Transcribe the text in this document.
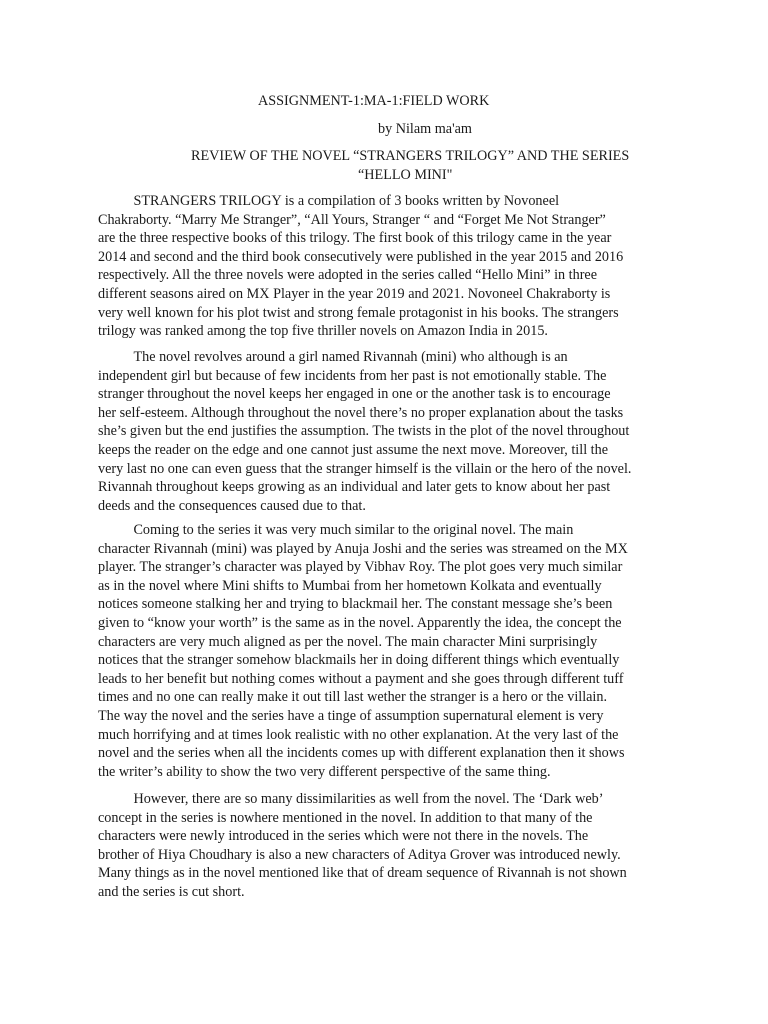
ASSIGNMENT-1:MA-1:FIELD WORK
by Nilam ma'am
REVIEW OF THE NOVEL “STRANGERS TRILOGY” AND THE SERIES
“HELLO MINI"
STRANGERS TRILOGY is a compilation of 3 books written by Novoneel
Chakraborty. “Marry Me Stranger”, “All Yours, Stranger “ and “Forget Me Not Stranger”
are the three respective books of this trilogy. The first book of this trilogy came in the year
2014 and second and the third book consecutively were published in the year 2015 and 2016
respectively. All the three novels were adopted in the series called “Hello Mini” in three
different seasons aired on MX Player in the year 2019 and 2021. Novoneel Chakraborty is
very well known for his plot twist and strong female protagonist in his books. The strangers
trilogy was ranked among the top five thriller novels on Amazon India in 2015.
The novel revolves around a girl named Rivannah (mini) who although is an
independent girl but because of few incidents from her past is not emotionally stable. The
stranger throughout the novel keeps her engaged in one or the another task is to encourage
her self-esteem. Although throughout the novel there’s no proper explanation about the tasks
she’s given but the end justifies the assumption. The twists in the plot of the novel throughout
keeps the reader on the edge and one cannot just assume the next move. Moreover, till the
very last no one can even guess that the stranger himself is the villain or the hero of the novel.
Rivannah throughout keeps growing as an individual and later gets to know about her past
deeds and the consequences caused due to that.
Coming to the series it was very much similar to the original novel. The main
character Rivannah (mini) was played by Anuja Joshi and the series was streamed on the MX
player. The stranger’s character was played by Vibhav Roy. The plot goes very much similar
as in the novel where Mini shifts to Mumbai from her hometown Kolkata and eventually
notices someone stalking her and trying to blackmail her. The constant message she’s been
given to “know your worth” is the same as in the novel. Apparently the idea, the concept the
characters are very much aligned as per the novel. The main character Mini surprisingly
notices that the stranger somehow blackmails her in doing different things which eventually
leads to her benefit but nothing comes without a payment and she goes through different tuff
times and no one can really make it out till last wether the stranger is a hero or the villain.
The way the novel and the series have a tinge of assumption supernatural element is very
much horrifying and at times look realistic with no other explanation. At the very last of the
novel and the series when all the incidents comes up with different explanation then it shows
the writer’s ability to show the two very different perspective of the same thing.
However, there are so many dissimilarities as well from the novel. The ‘Dark web’
concept in the series is nowhere mentioned in the novel. In addition to that many of the
characters were newly introduced in the series which were not there in the novels. The
brother of Hiya Choudhary is also a new characters of Aditya Grover was introduced newly.
Many things as in the novel mentioned like that of dream sequence of Rivannah is not shown
and the series is cut short.
